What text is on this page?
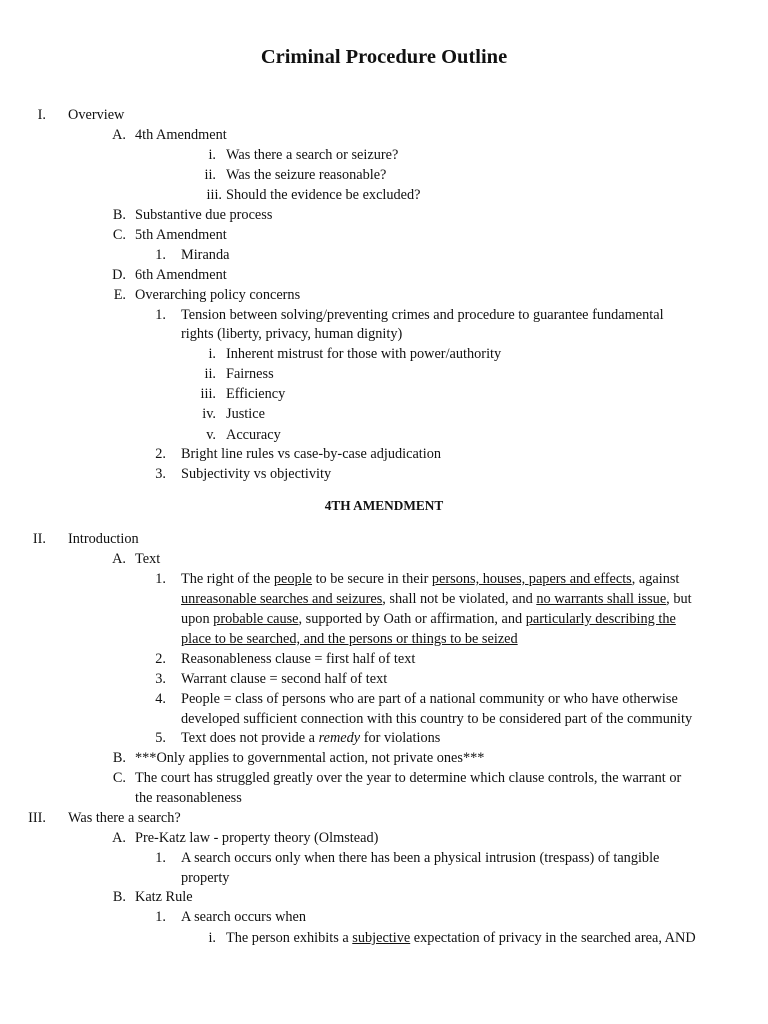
Criminal Procedure Outline
I. Overview
A. 4th Amendment
i. Was there a search or seizure?
ii. Was the seizure reasonable?
iii. Should the evidence be excluded?
B. Substantive due process
C. 5th Amendment
1. Miranda
D. 6th Amendment
E. Overarching policy concerns
1. Tension between solving/preventing crimes and procedure to guarantee fundamental
rights (liberty, privacy, human dignity)
i. Inherent mistrust for those with power/authority
ii. Fairness
iii. Efficiency
iv. Justice
v. Accuracy
2. Bright line rules vs case-by-case adjudication
3. Subjectivity vs objectivity
4TH AMENDMENT
II. Introduction
A. Text
1. The right of the people to be secure in their persons, houses, papers and effects, against
unreasonable searches and seizures, shall not be violated, and no warrants shall issue, but
upon probable cause, supported by Oath or affirmation, and particularly describing the
place to be searched, and the persons or things to be seized
2. Reasonableness clause = first half of text
3. Warrant clause = second half of text
4. People = class of persons who are part of a national community or who have otherwise
developed sufficient connection with this country to be considered part of the community
5. Text does not provide a remedy for violations
B. ***Only applies to governmental action, not private ones***
C. The court has struggled greatly over the year to determine which clause controls, the warrant or
the reasonableness
III. Was there a search?
A. Pre-Katz law - property theory (Olmstead)
1. A search occurs only when there has been a physical intrusion (trespass) of tangible
property
B. Katz Rule
1. A search occurs when
i. The person exhibits a subjective expectation of privacy in the searched area, AND
